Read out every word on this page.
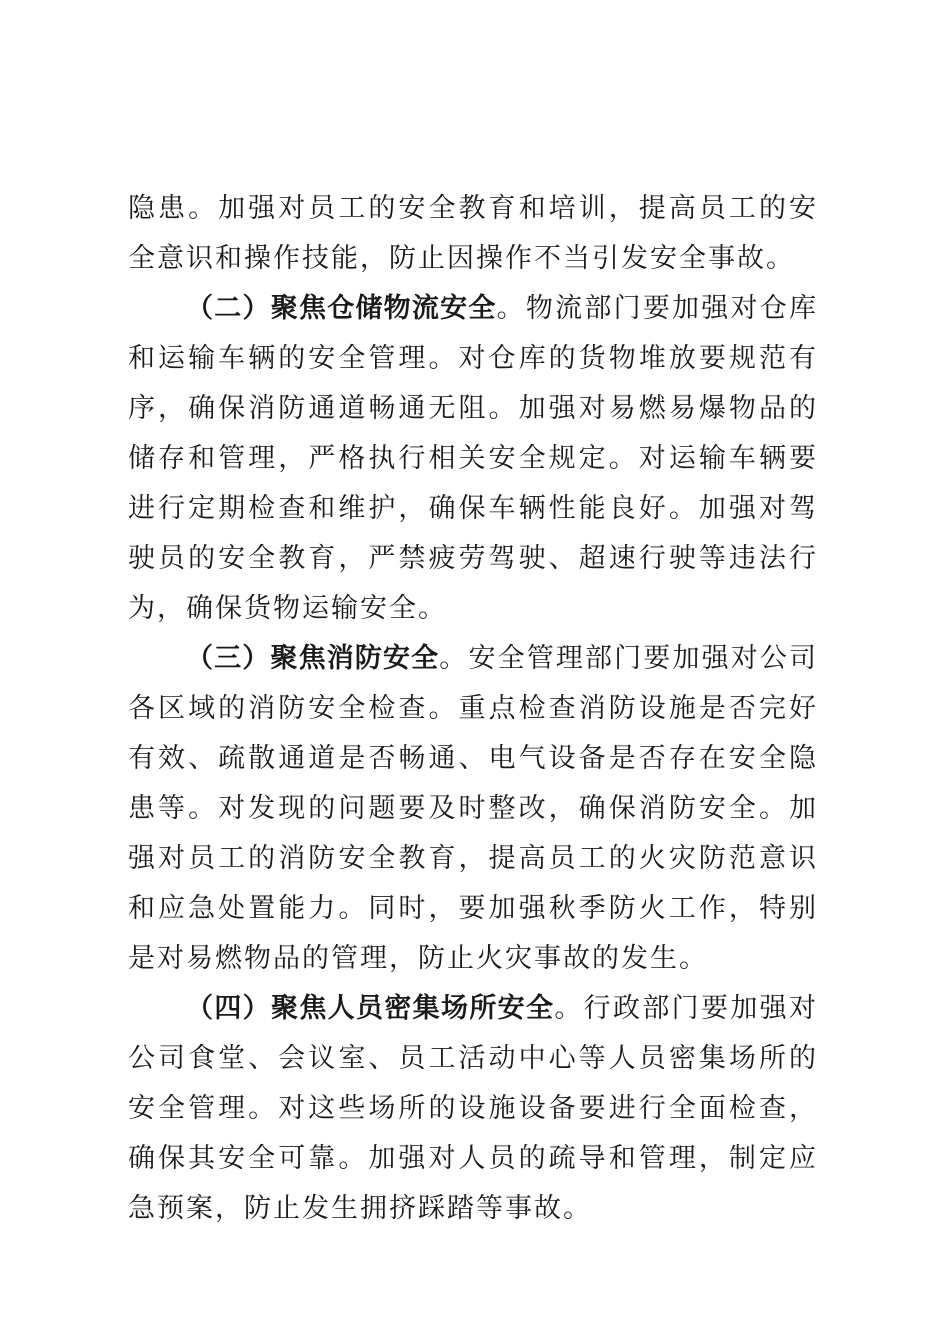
隐患。加强对员工的安全教育和培训，提高员工的安全意识和操作技能，防止因操作不当引发安全事故。

（二）聚焦仓储物流安全。物流部门要加强对仓库和运输车辆的安全管理。对仓库的货物堆放要规范有序，确保消防通道畅通无阻。加强对易燃易爆物品的储存和管理，严格执行相关安全规定。对运输车辆要进行定期检查和维护，确保车辆性能良好。加强对驾驶员的安全教育，严禁疲劳驾驶、超速行驶等违法行为，确保货物运输安全。

（三）聚焦消防安全。安全管理部门要加强对公司各区域的消防安全检查。重点检查消防设施是否完好有效、疏散通道是否畅通、电气设备是否存在安全隐患等。对发现的问题要及时整改，确保消防安全。加强对员工的消防安全教育，提高员工的火灾防范意识和应急处置能力。同时，要加强秋季防火工作，特别是对易燃物品的管理，防止火灾事故的发生。

（四）聚焦人员密集场所安全。行政部门要加强对公司食堂、会议室、员工活动中心等人员密集场所的安全管理。对这些场所的设施设备要进行全面检查，确保其安全可靠。加强对人员的疏导和管理，制定应急预案，防止发生拥挤踩踏等事故。
